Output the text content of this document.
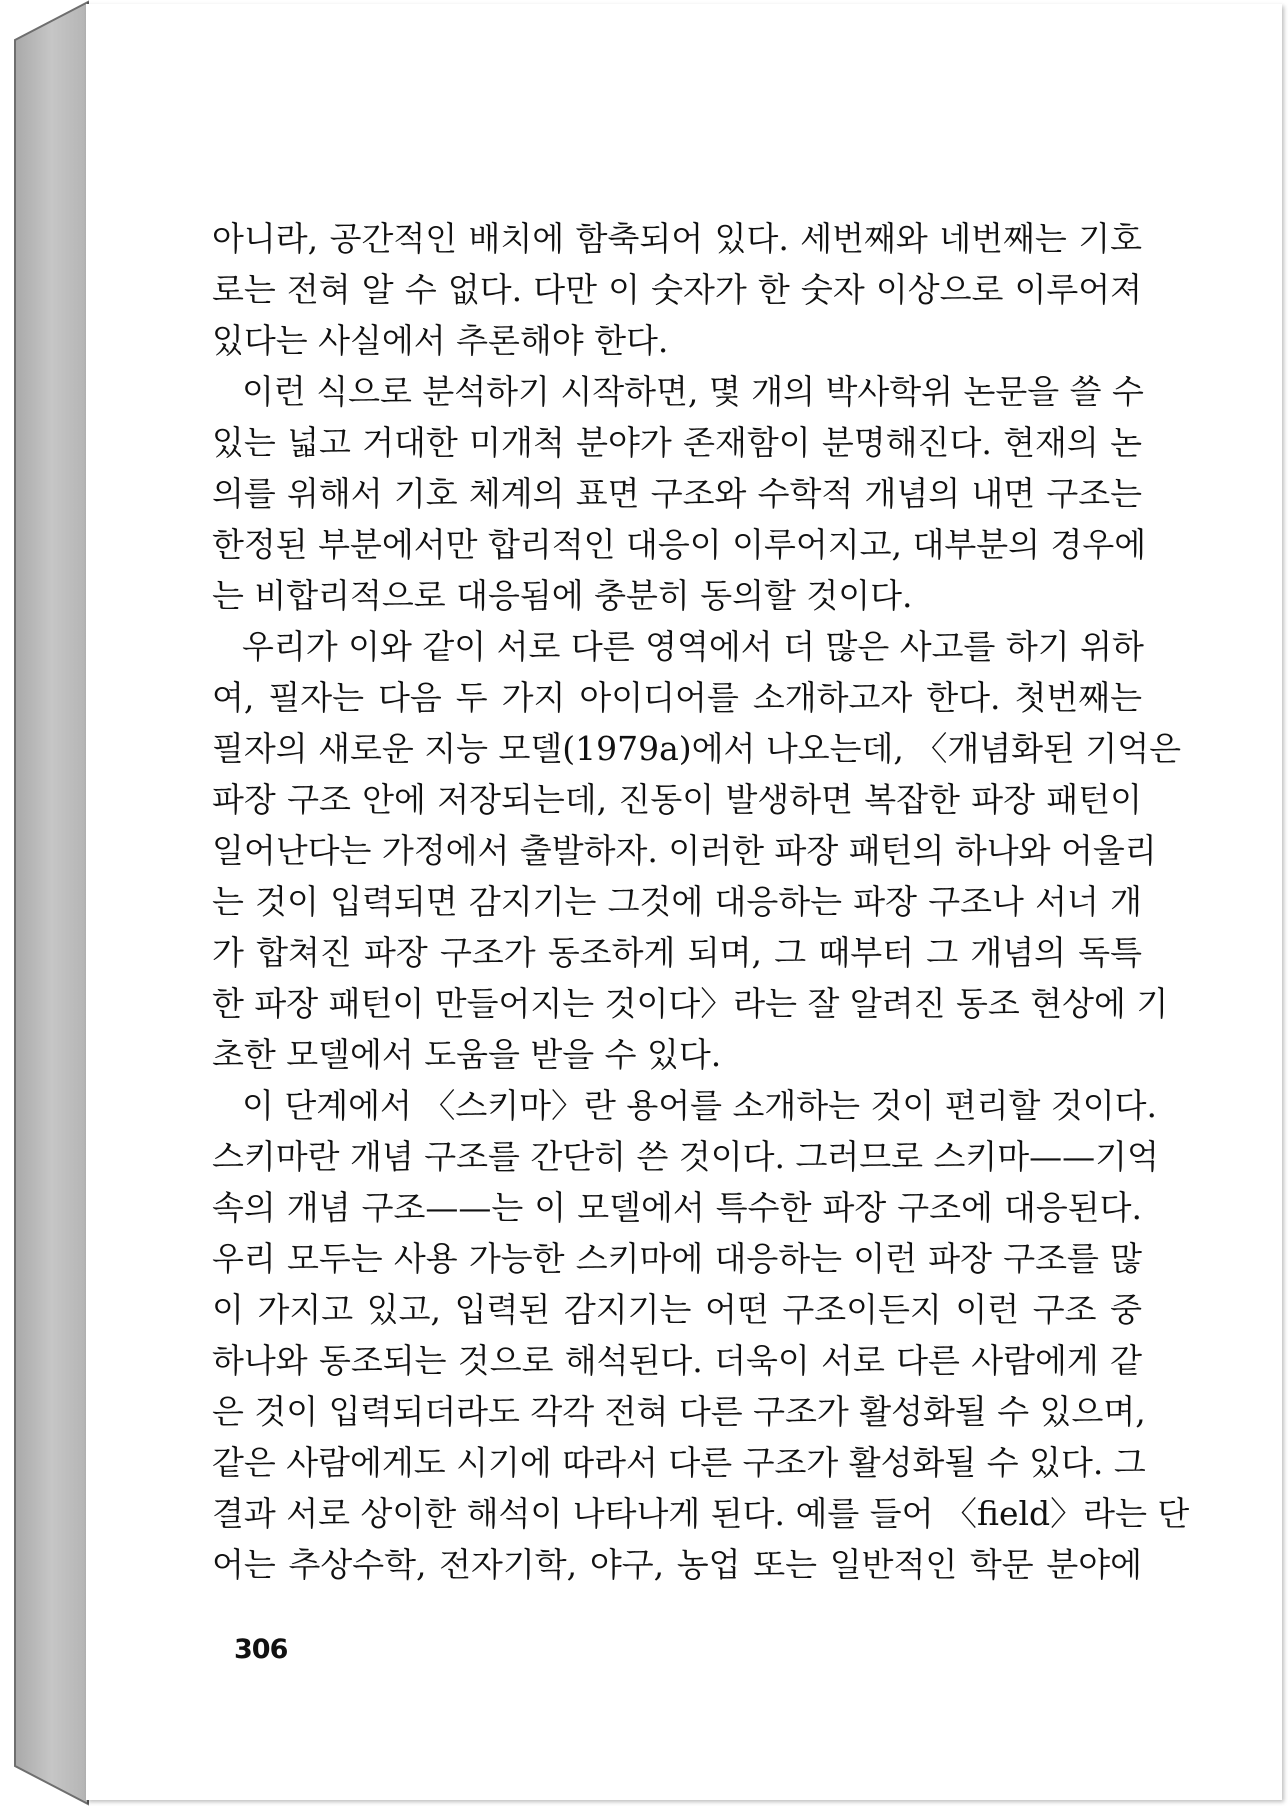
아니라, 공간적인 배치에 함축되어 있다. 세번째와 네번째는 기호
로는 전혀 알 수 없다. 다만 이 숫자가 한 숫자 이상으로 이루어져
있다는 사실에서 추론해야 한다.
이런 식으로 분석하기 시작하면, 몇 개의 박사학위 논문을 쓸 수
있는 넓고 거대한 미개척 분야가 존재함이 분명해진다. 현재의 논
의를 위해서 기호 체계의 표면 구조와 수학적 개념의 내면 구조는
한정된 부분에서만 합리적인 대응이 이루어지고, 대부분의 경우에
는 비합리적으로 대응됨에 충분히 동의할 것이다.
우리가 이와 같이 서로 다른 영역에서 더 많은 사고를 하기 위하
여, 필자는 다음 두 가지 아이디어를 소개하고자 한다. 첫번째는
필자의 새로운 지능 모델(1979a)에서 나오는데, 〈개념화된 기억은
파장 구조 안에 저장되는데, 진동이 발생하면 복잡한 파장 패턴이
일어난다는 가정에서 출발하자. 이러한 파장 패턴의 하나와 어울리
는 것이 입력되면 감지기는 그것에 대응하는 파장 구조나 서너 개
가 합쳐진 파장 구조가 동조하게 되며, 그 때부터 그 개념의 독특
한 파장 패턴이 만들어지는 것이다〉라는 잘 알려진 동조 현상에 기
초한 모델에서 도움을 받을 수 있다.
이 단계에서 〈스키마〉란 용어를 소개하는 것이 편리할 것이다.
스키마란 개념 구조를 간단히 쓴 것이다. 그러므로 스키마——기억
속의 개념 구조——는 이 모델에서 특수한 파장 구조에 대응된다.
우리 모두는 사용 가능한 스키마에 대응하는 이런 파장 구조를 많
이 가지고 있고, 입력된 감지기는 어떤 구조이든지 이런 구조 중
하나와 동조되는 것으로 해석된다. 더욱이 서로 다른 사람에게 같
은 것이 입력되더라도 각각 전혀 다른 구조가 활성화될 수 있으며,
같은 사람에게도 시기에 따라서 다른 구조가 활성화될 수 있다. 그
결과 서로 상이한 해석이 나타나게 된다. 예를 들어 〈field〉라는 단
어는 추상수학, 전자기학, 야구, 농업 또는 일반적인 학문 분야에
306
